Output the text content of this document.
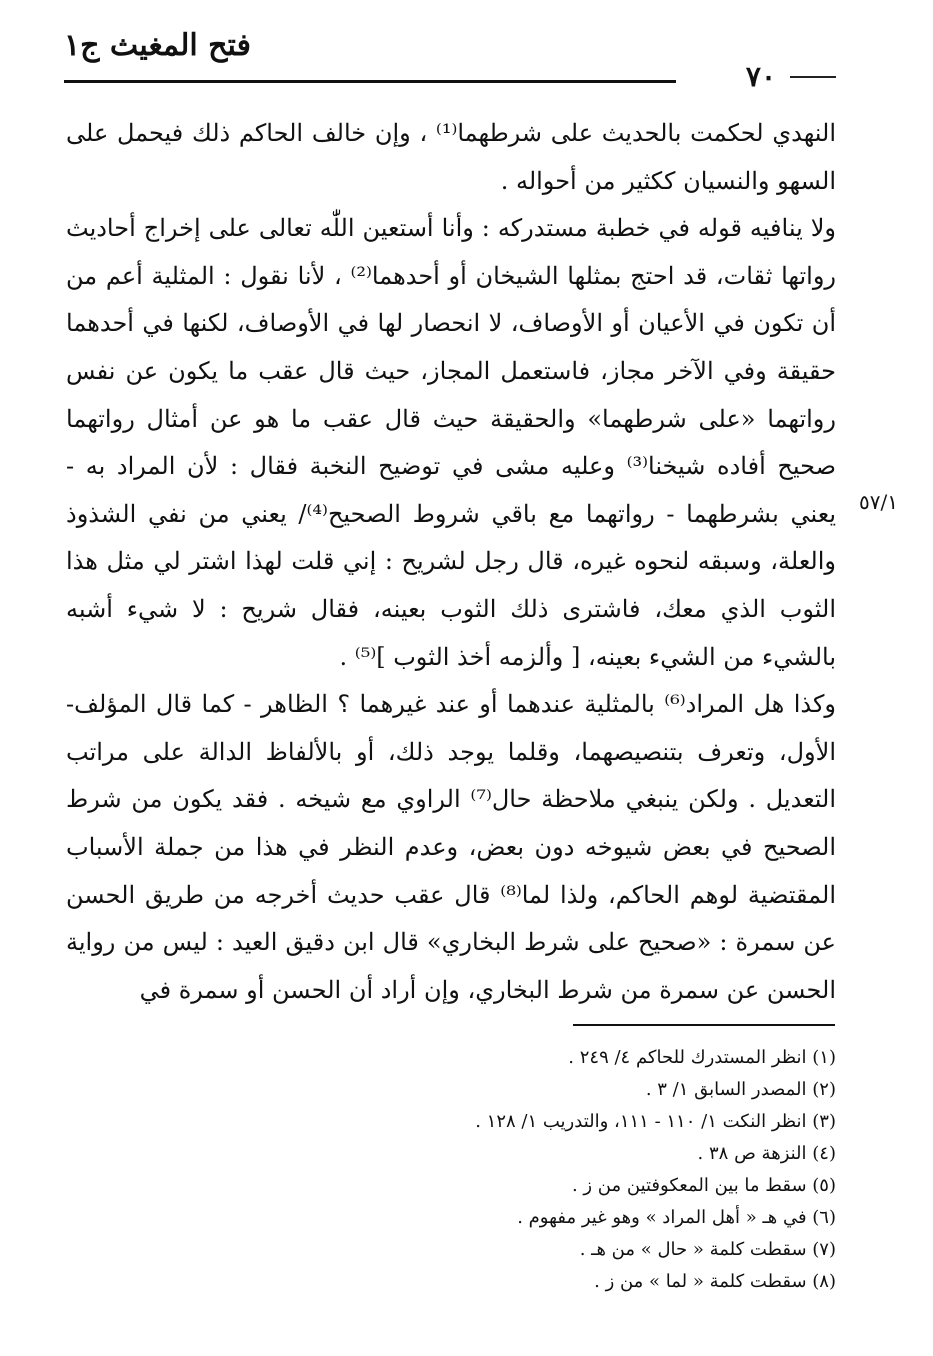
فتح المغيث ج١
٧٠

النهدي لحكمت بالحديث على شرطهما⁽¹⁾ ، وإن خالف الحاكم ذلك فيحمل على السهو والنسيان ككثير من أحواله .

ولا ينافيه قوله في خطبة مستدركه : وأنا أستعين اللّٰه تعالى على إخراج أحاديث رواتها ثقات، قد احتج بمثلها الشيخان أو أحدهما⁽²⁾ ، لأنا نقول : المثلية أعم من أن تكون في الأعيان أو الأوصاف، لا انحصار لها في الأوصاف، لكنها في أحدهما حقيقة وفي الآخر مجاز، فاستعمل المجاز، حيث قال عقب ما يكون عن نفس رواتهما «على شرطهما» والحقيقة حيث قال عقب ما هو عن أمثال رواتهما صحيح أفاده شيخنا⁽³⁾ وعليه مشى في توضيح النخبة فقال : لأن المراد به - يعني بشرطهما - رواتهما مع باقي شروط الصحيح⁽⁴⁾/ يعني من نفي الشذوذ والعلة، وسبقه لنحوه غيره، قال رجل لشريح : إني قلت لهذا اشتر لي مثل هذا الثوب الذي معك، فاشترى ذلك الثوب بعينه، فقال شريح : لا شيء أشبه بالشيء من الشيء بعينه، [ وألزمه أخذ الثوب ]⁽⁵⁾ .

وكذا هل المراد⁽⁶⁾ بالمثلية عندهما أو عند غيرهما ؟ الظاهر - كما قال المؤلف- الأول، وتعرف بتنصيصهما، وقلما يوجد ذلك، أو بالألفاظ الدالة على مراتب التعديل . ولكن ينبغي ملاحظة حال⁽⁷⁾ الراوي مع شيخه . فقد يكون من شرط الصحيح في بعض شيوخه دون بعض، وعدم النظر في هذا من جملة الأسباب المقتضية لوهم الحاكم، ولذا لما⁽⁸⁾ قال عقب حديث أخرجه من طريق الحسن عن سمرة : «صحيح على شرط البخاري» قال ابن دقيق العيد : ليس من رواية الحسن عن سمرة من شرط البخاري، وإن أراد أن الحسن أو سمرة في

٥٧/١
(١) انظر المستدرك للحاكم ٤/ ٢٤٩ .
(٢) المصدر السابق ١/ ٣ .
(٣) انظر النكت ١/ ١١٠ - ١١١، والتدريب ١/ ١٢٨ .
(٤) النزهة ص ٣٨ .
(٥) سقط ما بين المعكوفتين من ز .
(٦) في هـ « أهل المراد » وهو غير مفهوم .
(٧) سقطت كلمة « حال » من هـ .
(٨) سقطت كلمة « لما » من ز .
